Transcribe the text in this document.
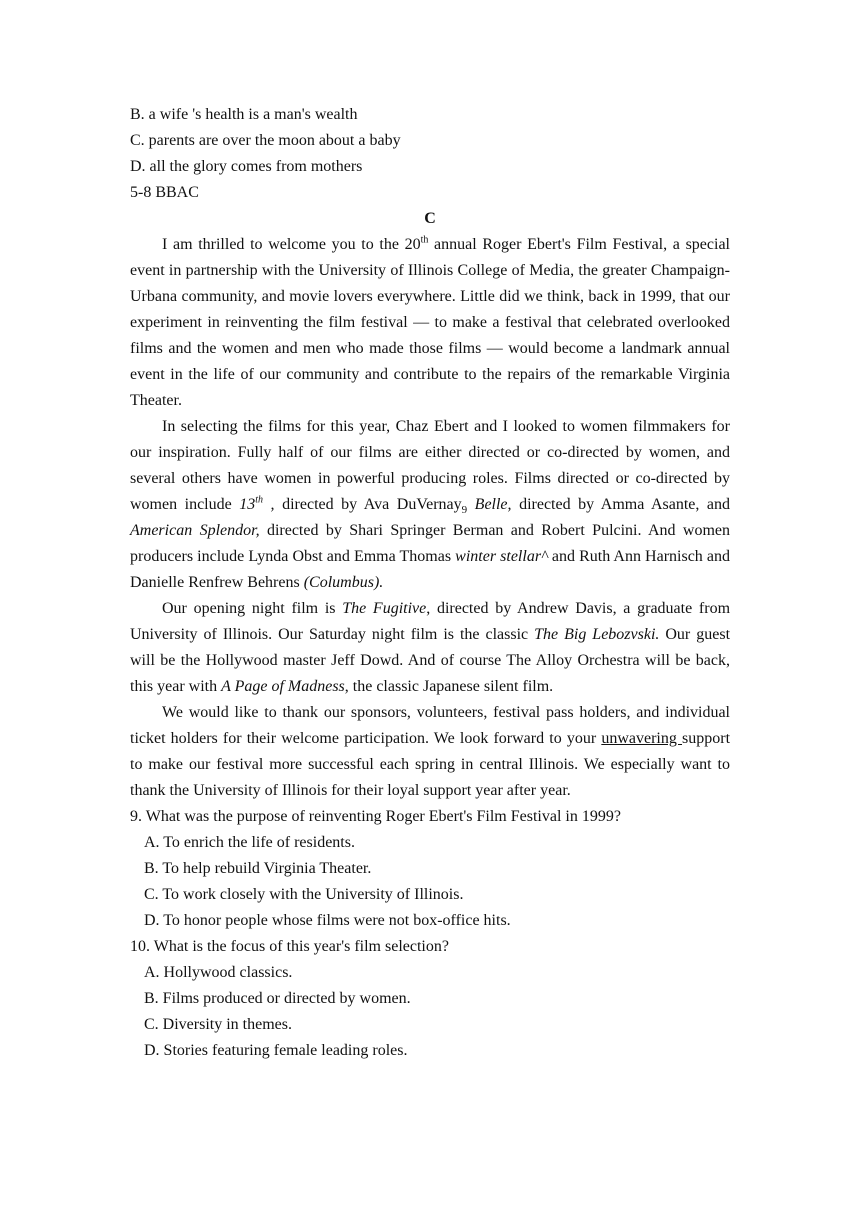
B. a wife 's health is a man's wealth
C. parents are over the moon about a baby
D. all the glory comes from mothers
5-8 BBAC
C

I am thrilled to welcome you to the 20th annual Roger Ebert's Film Festival, a special event in partnership with the University of Illinois College of Media, the greater Champaign-Urbana community, and movie lovers everywhere. Little did we think, back in 1999, that our experiment in reinventing the film festival — to make a festival that celebrated overlooked films and the women and men who made those films — would become a landmark annual event in the life of our community and contribute to the repairs of the remarkable Virginia Theater.

In selecting the films for this year, Chaz Ebert and I looked to women filmmakers for our inspiration. Fully half of our films are either directed or co-directed by women, and several others have women in powerful producing roles. Films directed or co-directed by women include 13th , directed by Ava DuVernay$_9$ Belle, directed by Amma Asante, and American Splendor, directed by Shari Springer Berman and Robert Pulcini. And women producers include Lynda Obst and Emma Thomas winter stellar^ and Ruth Ann Harnisch and Danielle Renfrew Behrens (Columbus).

Our opening night film is The Fugitive, directed by Andrew Davis, a graduate from University of Illinois. Our Saturday night film is the classic The Big Lebozvski. Our guest will be the Hollywood master Jeff Dowd. And of course The Alloy Orchestra will be back, this year with A Page of Madness, the classic Japanese silent film.

We would like to thank our sponsors, volunteers, festival pass holders, and individual ticket holders for their welcome participation. We look forward to your unwavering support to make our festival more successful each spring in central Illinois. We especially want to thank the University of Illinois for their loyal support year after year.

9. What was the purpose of reinventing Roger Ebert's Film Festival in 1999?
A. To enrich the life of residents.
B. To help rebuild Virginia Theater.
C. To work closely with the University of Illinois.
D. To honor people whose films were not box-office hits.
10. What is the focus of this year's film selection?
A. Hollywood classics.
B. Films produced or directed by women.
C. Diversity in themes.
D. Stories featuring female leading roles.
